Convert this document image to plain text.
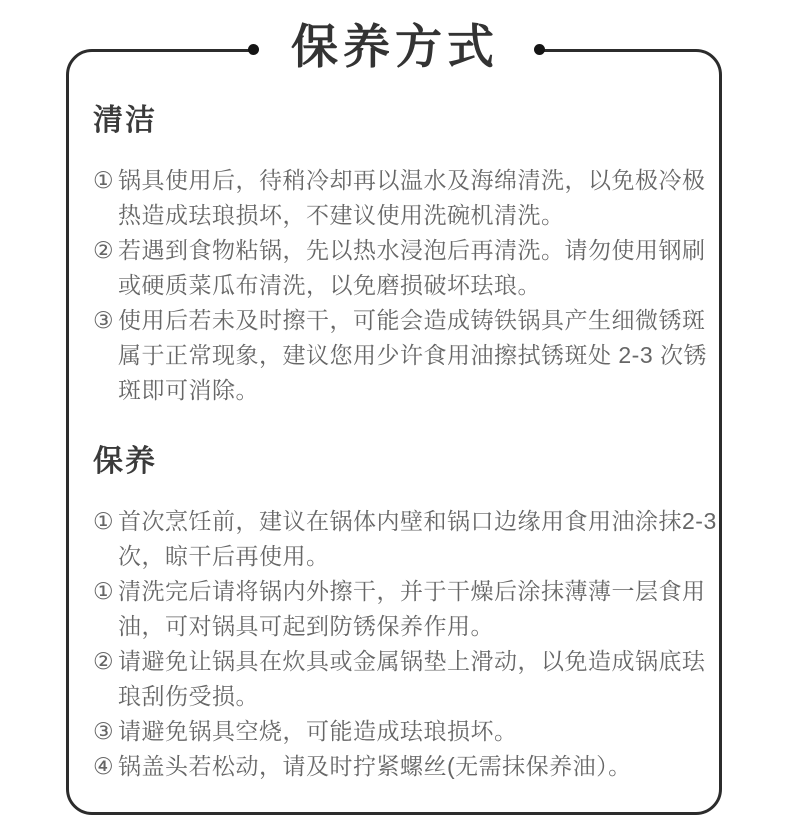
保养方式
清洁

① 锅具使用后，待稍冷却再以温水及海绵清洗，以免极冷极热造成珐琅损坏，不建议使用洗碗机清洗。

② 若遇到食物粘锅，先以热水浸泡后再清洗。请勿使用钢刷或硬质菜瓜布清洗，以免磨损破坏珐琅。

③ 使用后若未及时擦干，可能会造成铸铁锅具产生细微锈斑属于正常现象，建议您用少许食用油擦拭锈斑处 2-3 次锈斑即可消除。

保养

① 首次烹饪前，建议在锅体内壁和锅口边缘用食用油涂抹2-3次，晾干后再使用。

① 清洗完后请将锅内外擦干，并于干燥后涂抹薄薄一层食用油，可对锅具可起到防锈保养作用。

② 请避免让锅具在炊具或金属锅垫上滑动，以免造成锅底珐琅刮伤受损。

③ 请避免锅具空烧，可能造成珐琅损坏。

④ 锅盖头若松动，请及时拧紧螺丝(无需抹保养油）。
